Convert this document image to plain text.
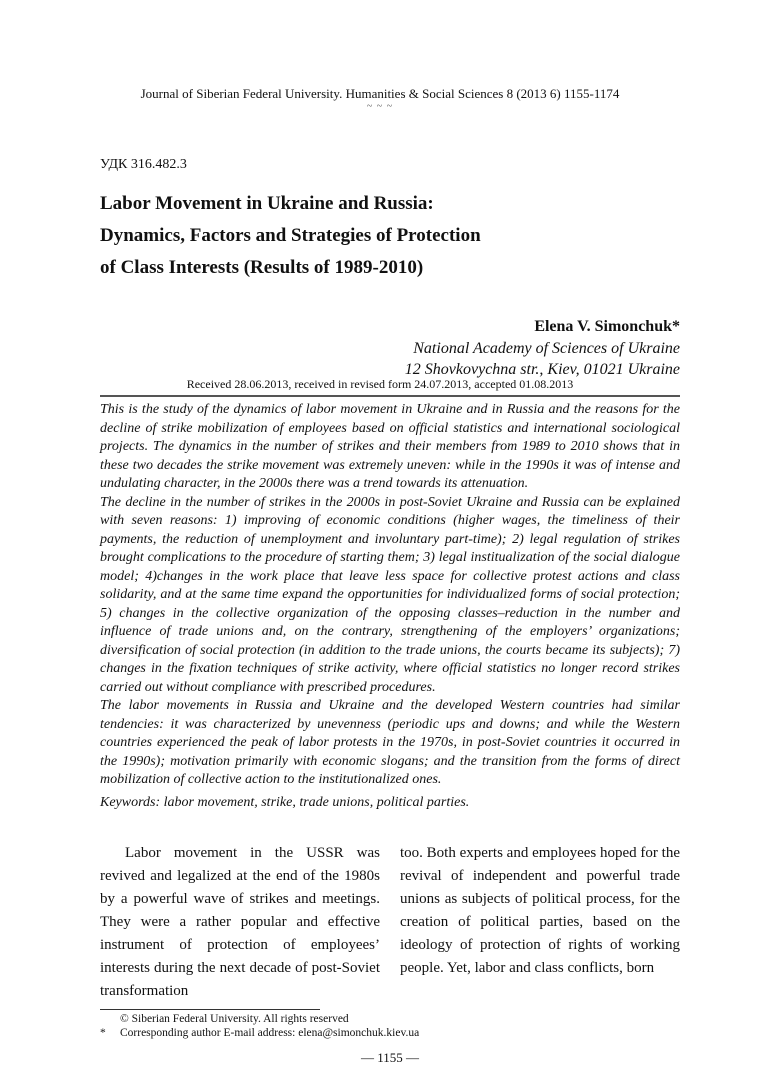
Journal of Siberian Federal University. Humanities & Social Sciences 8 (2013 6) 1155-1174
~ ~ ~
УДК 316.482.3
Labor Movement in Ukraine and Russia:
Dynamics, Factors and Strategies of Protection
of Class Interests (Results of 1989-2010)
Elena V. Simonchuk*
National Academy of Sciences of Ukraine
12 Shovkovychna str., Kiev, 01021 Ukraine
Received 28.06.2013, received in revised form 24.07.2013, accepted 01.08.2013

This is the study of the dynamics of labor movement in Ukraine and in Russia and the reasons for the decline of strike mobilization of employees based on official statistics and international sociological projects. The dynamics in the number of strikes and their members from 1989 to 2010 shows that in these two decades the strike movement was extremely uneven: while in the 1990s it was of intense and undulating character, in the 2000s there was a trend towards its attenuation.

The decline in the number of strikes in the 2000s in post-Soviet Ukraine and Russia can be explained with seven reasons: 1) improving of economic conditions (higher wages, the timeliness of their payments, the reduction of unemployment and involuntary part-time); 2) legal regulation of strikes brought complications to the procedure of starting them; 3) legal institualization of the social dialogue model; 4)changes in the work place that leave less space for collective protest actions and class solidarity, and at the same time expand the opportunities for individualized forms of social protection; 5) changes in the collective organization of the opposing classes–reduction in the number and influence of trade unions and, on the contrary, strengthening of the employers’ organizations; diversification of social protection (in addition to the trade unions, the courts became its subjects); 7) changes in the fixation techniques of strike activity, where official statistics no longer record strikes carried out without compliance with prescribed procedures.

The labor movements in Russia and Ukraine and the developed Western countries had similar tendencies: it was characterized by unevenness (periodic ups and downs; and while the Western countries experienced the peak of labor protests in the 1970s, in post-Soviet countries it occurred in the 1990s); motivation primarily with economic slogans; and the transition from the forms of direct mobilization of collective action to the institutionalized ones.

Keywords: labor movement, strike, trade unions, political parties.
Labor movement in the USSR was revived and legalized at the end of the 1980s by a powerful wave of strikes and meetings. They were a rather popular and effective instrument of protection of employees’ interests during the next decade of post-Soviet transformation
too. Both experts and employees hoped for the revival of independent and powerful trade unions as subjects of political process, for the creation of political parties, based on the ideology of protection of rights of working people. Yet, labor and class conflicts, born
© Siberian Federal University. All rights reserved
* Corresponding author E-mail address: elena@simonchuk.kiev.ua
— 1155 —
